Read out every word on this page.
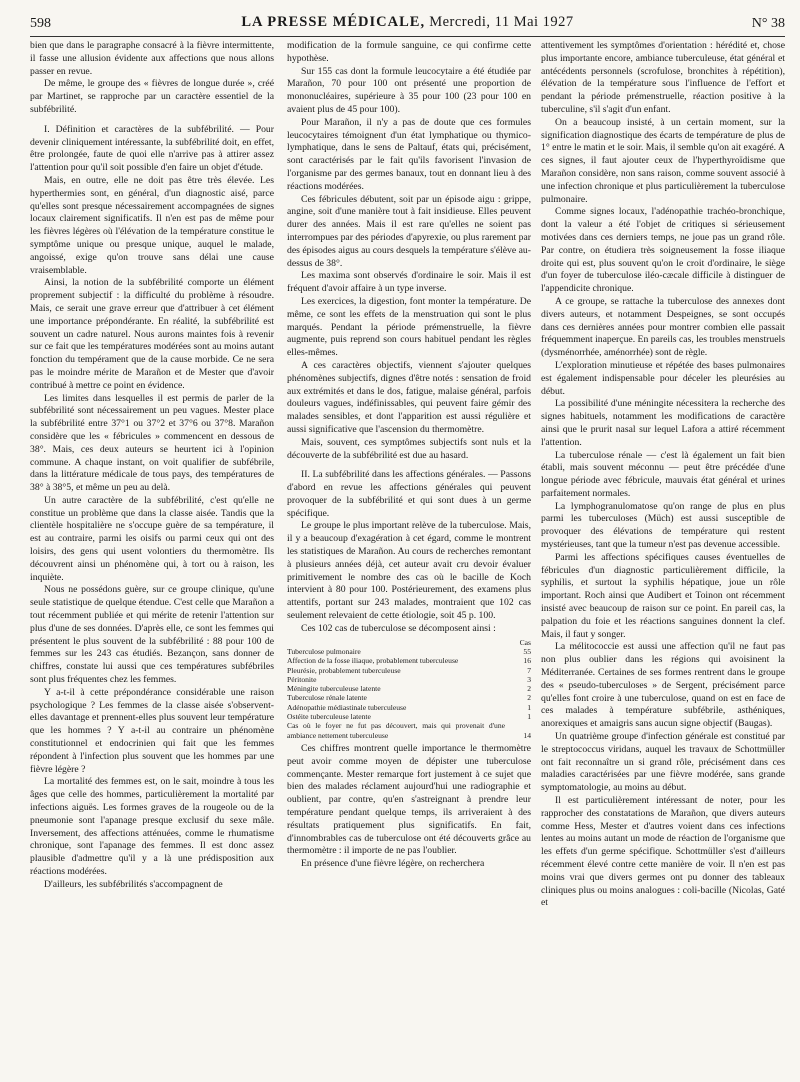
598	LA PRESSE MÉDICALE, Mercredi, 11 Mai 1927	N° 38

bien que dans le paragraphe consacré à la fièvre intermittente, il fasse une allusion évidente aux affections que nous allons passer en revue.

De même, le groupe des « fièvres de longue durée », créé par Martinet, se rapproche par un caractère essentiel de la subfébrilité.

I. Définition et caractères de la subfébrilité. — Pour devenir cliniquement intéressante, la subfébrilité doit, en effet, être prolongée, faute de quoi elle n'arrive pas à attirer assez l'attention pour qu'il soit possible d'en faire un objet d'étude.

Mais, en outre, elle ne doit pas être très élevée. Les hyperthermies sont, en général, d'un diagnostic aisé, parce qu'elles sont presque nécessairement accompagnées de signes locaux clairement significatifs. Il n'en est pas de même pour les fièvres légères où l'élévation de la température constitue le symptôme unique ou presque unique, auquel le malade, angoissé, exige qu'on trouve sans délai une cause vraisemblable.

Ainsi, la notion de la subfébrilité comporte un élément proprement subjectif : la difficulté du problème à résoudre. Mais, ce serait une grave erreur que d'attribuer à cet élément une importance prépondérante. En réalité, la subfébrilité est souvent un cadre naturel. Nous aurons maintes fois à revenir sur ce fait que les températures modérées sont au moins autant fonction du tempérament que de la cause morbide. Ce ne sera pas le moindre mérite de Marañon et de Mester que d'avoir contribué à mettre ce point en évidence.

Les limites dans lesquelles il est permis de parler de la subfébrilité sont nécessairement un peu vagues. Mester place la subfébrilité entre 37°1 ou 37°2 et 37°6 ou 37°8. Marañon considère que les « fébricules » commencent en dessous de 38°. Mais, ces deux auteurs se heurtent ici à l'opinion commune. A chaque instant, on voit qualifier de subfébrile, dans la littérature médicale de tous pays, des températures de 38° à 38°5, et même un peu au delà.

Un autre caractère de la subfébrilité, c'est qu'elle ne constitue un problème que dans la classe aisée. Tandis que la clientèle hospitalière ne s'occupe guère de sa température, il est au contraire, parmi les oisifs ou parmi ceux qui ont des loisirs, des gens qui usent volontiers du thermomètre. Ils découvrent ainsi un phénomène qui, à tort ou à raison, les inquiète.

Nous ne possédons guère, sur ce groupe clinique, qu'une seule statistique de quelque étendue. C'est celle que Marañon a tout récemment publiée et qui mérite de retenir l'attention sur plus d'une de ses données. D'après elle, ce sont les femmes qui présentent le plus souvent de la subfébrilité : 88 pour 100 de femmes sur les 243 cas étudiés. Bezançon, sans donner de chiffres, constate lui aussi que ces températures subfébriles sont plus fréquentes chez les femmes.

Y a-t-il à cette prépondérance considérable une raison psychologique ? Les femmes de la classe aisée s'observent-elles davantage et prennent-elles plus souvent leur température que les hommes ? Y a-t-il au contraire un phénomène constitutionnel et endocrinien qui fait que les femmes répondent à l'infection plus souvent que les hommes par une fièvre légère ?

La mortalité des femmes est, on le sait, moindre à tous les âges que celle des hommes, particulièrement la mortalité par infections aiguës. Les formes graves de la rougeole ou de la pneumonie sont l'apanage presque exclusif du sexe mâle. Inversement, des affections atténuées, comme le rhumatisme chronique, sont l'apanage des femmes. Il est donc assez plausible d'admettre qu'il y a là une prédisposition aux réactions modérées.

D'ailleurs, les subfébrilités s'accompagnent de

modification de la formule sanguine, ce qui confirme cette hypothèse.

Sur 155 cas dont la formule leucocytaire a été étudiée par Marañon, 70 pour 100 ont présenté une proportion de mononucléaires, supérieure à 35 pour 100 (23 pour 100 en avaient plus de 45 pour 100).

Pour Marañon, il n'y a pas de doute que ces formules leucocytaires témoignent d'un état lymphatique ou thymico-lymphatique, dans le sens de Paltauf, états qui, précisément, sont caractérisés par le fait qu'ils favorisent l'invasion de l'organisme par des germes banaux, tout en donnant lieu à des réactions modérées.

Ces fébricules débutent, soit par un épisode aigu : grippe, angine, soit d'une manière tout à fait insidieuse. Elles peuvent durer des années. Mais il est rare qu'elles ne soient pas interrompues par des périodes d'apyrexie, ou plus rarement par des épisodes aigus au cours desquels la température s'élève au-dessus de 38°.

Les maxima sont observés d'ordinaire le soir. Mais il est fréquent d'avoir affaire à un type inverse.

Les exercices, la digestion, font monter la température. De même, ce sont les effets de la menstruation qui sont le plus marqués. Pendant la période prémenstruelle, la fièvre augmente, puis reprend son cours habituel pendant les règles elles-mêmes.

A ces caractères objectifs, viennent s'ajouter quelques phénomènes subjectifs, dignes d'être notés : sensation de froid aux extrémités et dans le dos, fatigue, malaise général, parfois douleurs vagues, indéfinissables, qui peuvent faire gémir des malades sensibles, et dont l'apparition est aussi régulière et aussi significative que l'ascension du thermomètre.

Mais, souvent, ces symptômes subjectifs sont nuls et la découverte de la subfébrilité est due au hasard.

II. La subfébrilité dans les affections générales. — Passons d'abord en revue les affections générales qui peuvent provoquer de la subfébrilité et qui sont dues à un germe spécifique.

Le groupe le plus important relève de la tuberculose. Mais, il y a beaucoup d'exagération à cet égard, comme le montrent les statistiques de Marañon. Au cours de recherches remontant à plusieurs années déjà, cet auteur avait cru devoir évaluer primitivement le nombre des cas où le bacille de Koch intervient à 80 pour 100. Postérieurement, des examens plus attentifs, portant sur 243 malades, montraient que 102 cas seulement relevaient de cette étiologie, soit 45 p. 100.

Ces 102 cas de tuberculose se décomposent ainsi :

	Cas
Tuberculose pulmonaire	55
Affection de la fosse iliaque, probablement tuberculeuse	16
Pleurésie, probablement tuberculeuse	7
Péritonite	3
Méningite tuberculeuse latente	2
Tuberculose rénale latente	2
Adénopathie médiastinale tuberculeuse	1
Ostéite tuberculeuse latente	1
Cas où le foyer ne fut pas découvert, mais qui provenait d'une ambiance nettement tuberculeuse	14

Ces chiffres montrent quelle importance le thermomètre peut avoir comme moyen de dépister une tuberculose commençante. Mester remarque fort justement à ce sujet que bien des malades réclament aujourd'hui une radiographie et oublient, par contre, qu'en s'astreignant à prendre leur température pendant quelque temps, ils arriveraient à des résultats pratiquement plus significatifs. En fait, d'innombrables cas de tuberculose ont été découverts grâce au thermomètre : il importe de ne pas l'oublier.

En présence d'une fièvre légère, on recherchera

attentivement les symptômes d'orientation : hérédité et, chose plus importante encore, ambiance tuberculeuse, état général et antécédents personnels (scrofulose, bronchites à répétition), élévation de la température sous l'influence de l'effort et pendant la période prémenstruelle, réaction positive à la tuberculine, s'il s'agit d'un enfant.

On a beaucoup insisté, à un certain moment, sur la signification diagnostique des écarts de température de plus de 1° entre le matin et le soir. Mais, il semble qu'on ait exagéré. A ces signes, il faut ajouter ceux de l'hyperthyroïdisme que Marañon considère, non sans raison, comme souvent associé à une infection chronique et plus particulièrement la tuberculose pulmonaire.

Comme signes locaux, l'adénopathie trachéo-bronchique, dont la valeur a été l'objet de critiques si sérieusement motivées dans ces derniers temps, ne joue pas un grand rôle. Par contre, on étudiera très soigneusement la fosse iliaque droite qui est, plus souvent qu'on le croit d'ordinaire, le siège d'un foyer de tuberculose iléo-cæcale difficile à distinguer de l'appendicite chronique.

A ce groupe, se rattache la tuberculose des annexes dont divers auteurs, et notamment Despeignes, se sont occupés dans ces dernières années pour montrer combien elle passait fréquemment inaperçue. En pareils cas, les troubles menstruels (dysménorrhée, aménorrhée) sont de règle.

L'exploration minutieuse et répétée des bases pulmonaires est également indispensable pour déceler les pleurésies au début.

La possibilité d'une méningite nécessitera la recherche des signes habituels, notamment les modifications de caractère ainsi que le prurit nasal sur lequel Lafora a attiré récemment l'attention.

La tuberculose rénale — c'est là également un fait bien établi, mais souvent méconnu — peut être précédée d'une longue période avec fébricule, mauvais état général et urines parfaitement normales.

La lymphogranulomatose qu'on range de plus en plus parmi les tuberculoses (Müch) est aussi susceptible de provoquer des élévations de température qui restent mystérieuses, tant que la tumeur n'est pas devenue accessible.

Parmi les affections spécifiques causes éventuelles de fébricules d'un diagnostic particulièrement difficile, la syphilis, et surtout la syphilis hépatique, joue un rôle important. Roch ainsi que Audibert et Toinon ont récemment insisté avec beaucoup de raison sur ce point. En pareil cas, la palpation du foie et les réactions sanguines donnent la clef. Mais, il faut y songer.

La mélitococcie est aussi une affection qu'il ne faut pas non plus oublier dans les régions qui avoisinent la Méditerranée. Certaines de ses formes rentrent dans le groupe des « pseudo-tuberculoses » de Sergent, précisément parce qu'elles font croire à une tuberculose, quand on est en face de ces malades à température subfébrile, asthéniques, anorexiques et amaigris sans aucun signe objectif (Baugas).

Un quatrième groupe d'infection générale est constitué par le streptococcus viridans, auquel les travaux de Schottmüller ont fait reconnaître un si grand rôle, précisément dans ces maladies caractérisées par une fièvre modérée, sans grande symptomatologie, au moins au début.

Il est particulièrement intéressant de noter, pour les rapprocher des constatations de Marañon, que divers auteurs comme Hess, Mester et d'autres voient dans ces infections lentes au moins autant un mode de réaction de l'organisme que les effets d'un germe spécifique. Schottmüller s'est d'ailleurs récemment élevé contre cette manière de voir. Il n'en est pas moins vrai que divers germes ont pu donner des tableaux cliniques plus ou moins analogues : coli-bacille (Nicolas, Gaté et
